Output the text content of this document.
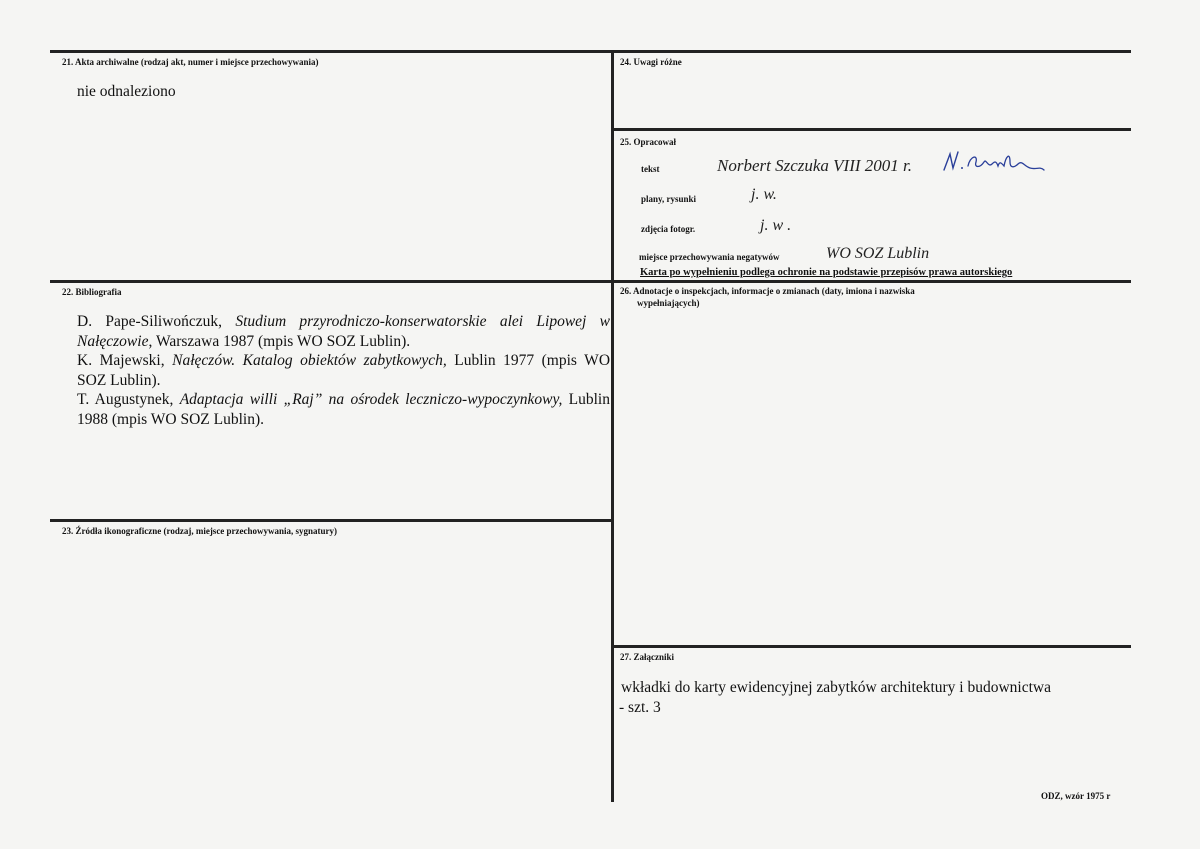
21. Akta archiwalne (rodzaj akt, numer i miejsce przechowywania)
nie odnaleziono
22. Bibliografia

D. Pape-Siliwończuk, Studium przyrodniczo-konserwatorskie alei Lipowej w Nałęczowie, Warszawa 1987 (mpis WO SOZ Lublin).

K. Majewski, Nałęczów. Katalog obiektów zabytkowych, Lublin 1977 (mpis WO SOZ Lublin).

T. Augustynek, Adaptacja willi „Raj” na ośrodek leczniczo-wypoczynkowy, Lublin 1988 (mpis WO SOZ Lublin).

23. Źródła ikonograficzne (rodzaj, miejsce przechowywania, sygnatury)
24. Uwagi różne
25. Opracował
tekst	Norbert Szczuka VIII 2001 r.
plany, rysunki	j. w.
zdjęcia fotogr.	j. w .
miejsce przechowywania negatywów	WO SOZ Lublin
Karta po wypełnieniu podlega ochronie na podstawie przepisów prawa autorskiego
26. Adnotacje o inspekcjach, informacje o zmianach (daty, imiona i nazwiska
wypełniających)
27. Załączniki
wkładki do karty ewidencyjnej zabytków architektury i budownictwa
- szt. 3
ODZ, wzór 1975 r
